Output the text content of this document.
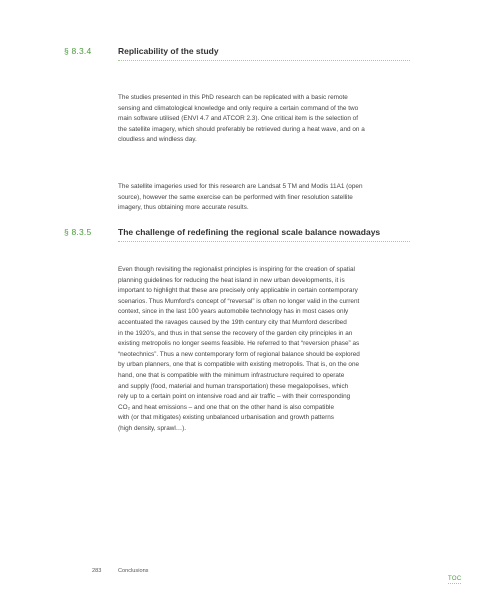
§ 8.3.4	Replicability of the study

The studies presented in this PhD research can be replicated with a basic remote
sensing and climatological knowledge and only require a certain command of the two
main software utilised (ENVI 4.7 and ATCOR 2.3). One critical item is the selection of
the satellite imagery, which should preferably be retrieved during a heat wave, and on a
cloudless and windless day.

The satellite imageries used for this research are Landsat 5 TM and Modis 11A1 (open
source), however the same exercise can be performed with finer resolution satellite
imagery, thus obtaining more accurate results.

§ 8.3.5	The challenge of redefining the regional scale balance nowadays

Even though revisiting the regionalist principles is inspiring for the creation of spatial
planning guidelines for reducing the heat island in new urban developments, it is
important to highlight that these are precisely only applicable in certain contemporary
scenarios. Thus Mumford’s concept of “reversal” is often no longer valid in the current
context, since in the last 100 years automobile technology has in most cases only
accentuated the ravages caused by the 19th century city that Mumford described
in the 1920’s, and thus in that sense the recovery of the garden city principles in an
existing metropolis no longer seems feasible. He referred to that “reversion phase” as
“neotechnics”. Thus a new contemporary form of regional balance should be explored
by urban planners, one that is compatible with existing metropolis. That is, on the one
hand, one that is compatible with the minimum infrastructure required to operate
and supply (food, material and human transportation) these megalopolises, which
rely up to a certain point on intensive road and air traffic – with their corresponding
CO₂ and heat emissions – and one that on the other hand is also compatible
with (or that mitigates) existing unbalanced urbanisation and growth patterns
(high density, sprawl…).

283	Conclusions
TOC
